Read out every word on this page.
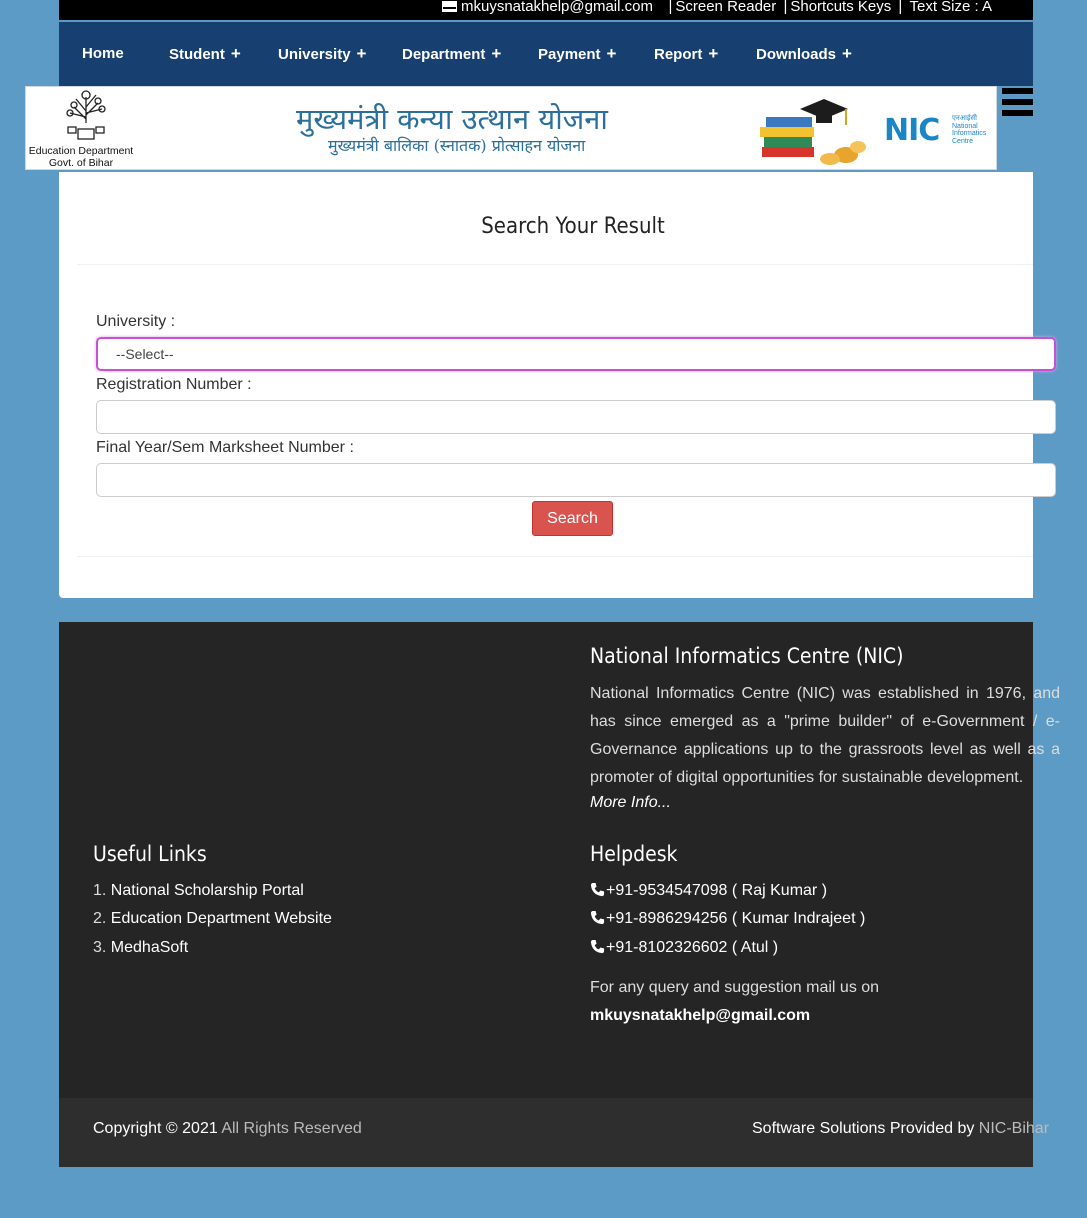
mkuysnatakhelp@gmail.com   | Screen Reader | Shortcuts Keys | Text Size : A
Home	Student + University + Department + Payment +	Report +	Downloads +
Education Department
Govt. of Bihar
मुख्यमंत्री कन्या उत्थान योजना
मुख्यमंत्री बालिका (स्नातक) प्रोत्साहन योजना	NIC एनआईसी
National
Informatics
Centre
Search Your Result
University :
--Select--
Registration Number :
Final Year/Sem Marksheet Number :
Search
National Informatics Centre (NIC)
National Informatics Centre (NIC) was established in 1976, and has since emerged as a "prime builder" of e-Government / e-Governance applications up to the grassroots level as well as a promoter of digital opportunities for sustainable development.
More Info...
Useful Links
1. National Scholarship Portal
2. Education Department Website
3. MedhaSoft
Helpdesk
+91-9534547098 ( Raj Kumar )
+91-8986294256 ( Kumar Indrajeet )
+91-8102326602 ( Atul )
For any query and suggestion mail us on
mkuysnatakhelp@gmail.com
Copyright © 2021 All Rights Reserved	Software Solutions Provided by NIC-Bihar
